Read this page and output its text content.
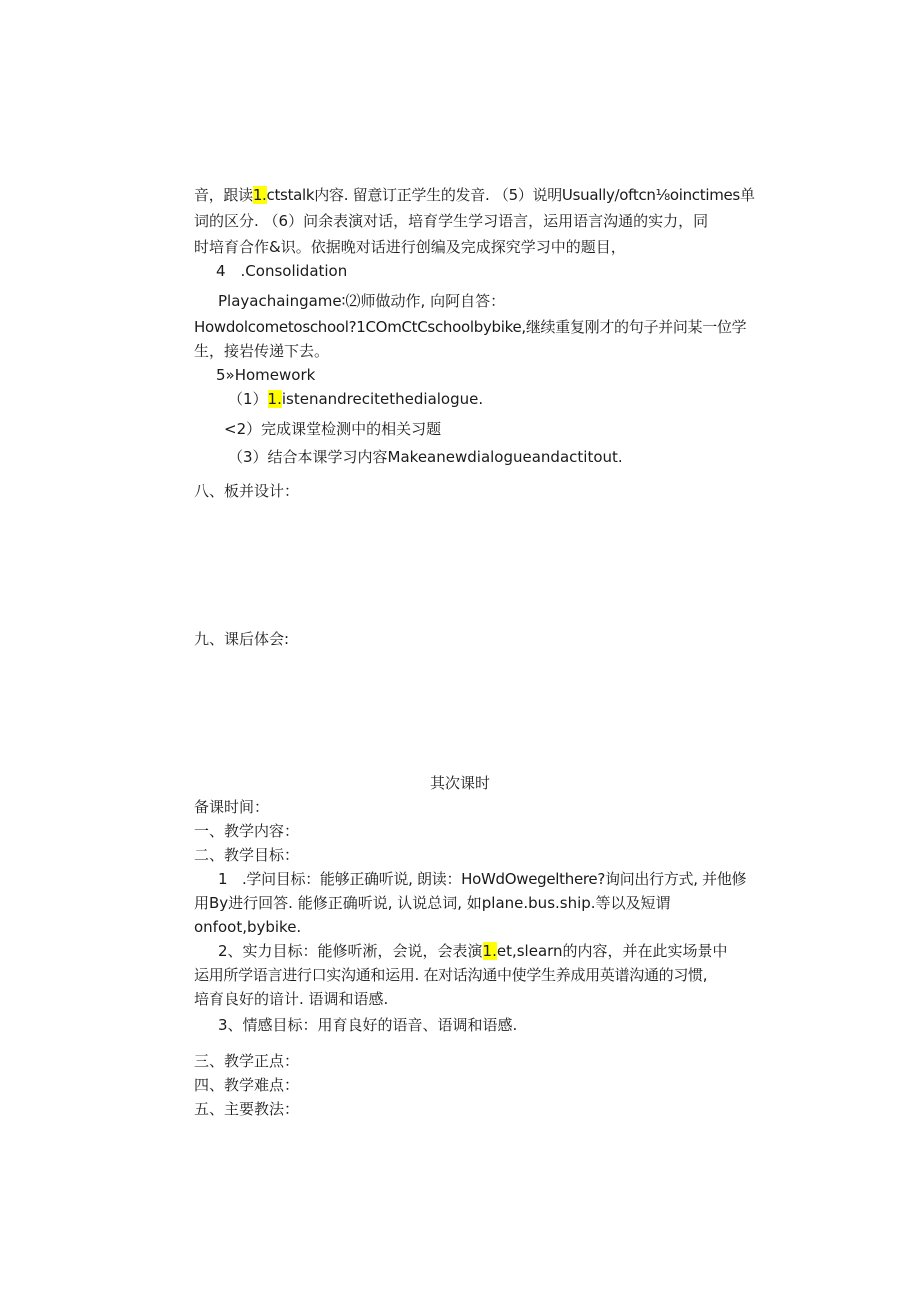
音，跟读1.ctstalk内容. 留意订正学生的发音. （5）说明Usually∕oftcn⅛oinctimes单
词的区分. （6）问余表演对话，培育学生学习语言，运用语言沟通的实力，同
时培育合作&识。依据晚对话进行创编及完成探究学习中的题目，
4　.Consolidation
Playachaingame∶⑵师做动作, 向阿自答：
Howdolcometoschool?1COmCtCschoolbybike,继续重复刚才的句子并问某一位学
生，接岩传递下去。
5»Homework
（1）1.istenandrecitethedialogue.
<2）完成课堂检测中的相关习题
（3）结合本课学习内容Makeanewdialogueandactitout.
八、板并设计：
九、课后体会:
其次课时
备课时间：
一、教学内容：
二、教学目标：
1　.学问目标：能够正确听说, 朗读：HoWdOwegelthere?询问出行方式, 并他修
用By进行回答. 能修正确听说, 认说总词, 如plane.bus.ship.等以及短谓
onfoot,bybike.
2、实力目标：能修听淅，会说，会表演1.et,slearn的内容，并在此实场景中
运用所学语言进行口实沟通和运用. 在对话沟通中使学生养成用英谱沟通的习惯,
培育良好的谙计. 语调和语感.
3、情感目标：用育良好的语音、语调和语感.
三、教学正点：
四、教学难点：
五、主要教法：
